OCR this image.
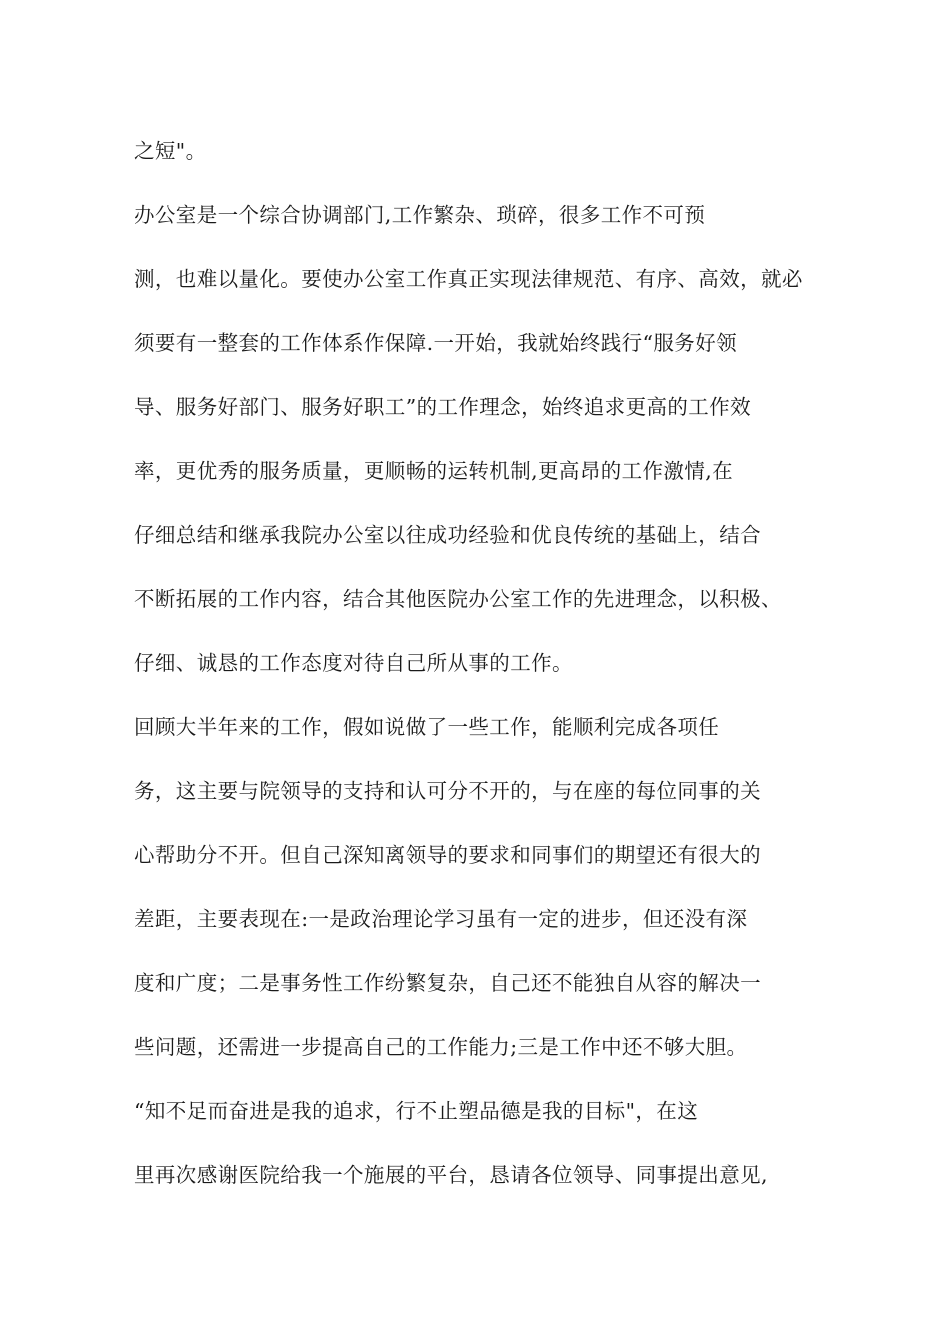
之短"。
办公室是一个综合协调部门,工作繁杂、琐碎，很多工作不可预
测，也难以量化。要使办公室工作真正实现法律规范、有序、高效，就必
须要有一整套的工作体系作保障.一开始，我就始终践行“服务好领
导、服务好部门、服务好职工”的工作理念，始终追求更高的工作效
率，更优秀的服务质量，更顺畅的运转机制,更高昂的工作激情,在
仔细总结和继承我院办公室以往成功经验和优良传统的基础上，结合
不断拓展的工作内容，结合其他医院办公室工作的先进理念，以积极、
仔细、诚恳的工作态度对待自己所从事的工作。
回顾大半年来的工作，假如说做了一些工作，能顺利完成各项任
务，这主要与院领导的支持和认可分不开的，与在座的每位同事的关
心帮助分不开。但自己深知离领导的要求和同事们的期望还有很大的
差距，主要表现在:一是政治理论学习虽有一定的进步，但还没有深
度和广度；二是事务性工作纷繁复杂，自己还不能独自从容的解决一
些问题，还需进一步提高自己的工作能力;三是工作中还不够大胆。
“知不足而奋进是我的追求，行不止塑品德是我的目标"，在这
里再次感谢医院给我一个施展的平台，恳请各位领导、同事提出意见,
